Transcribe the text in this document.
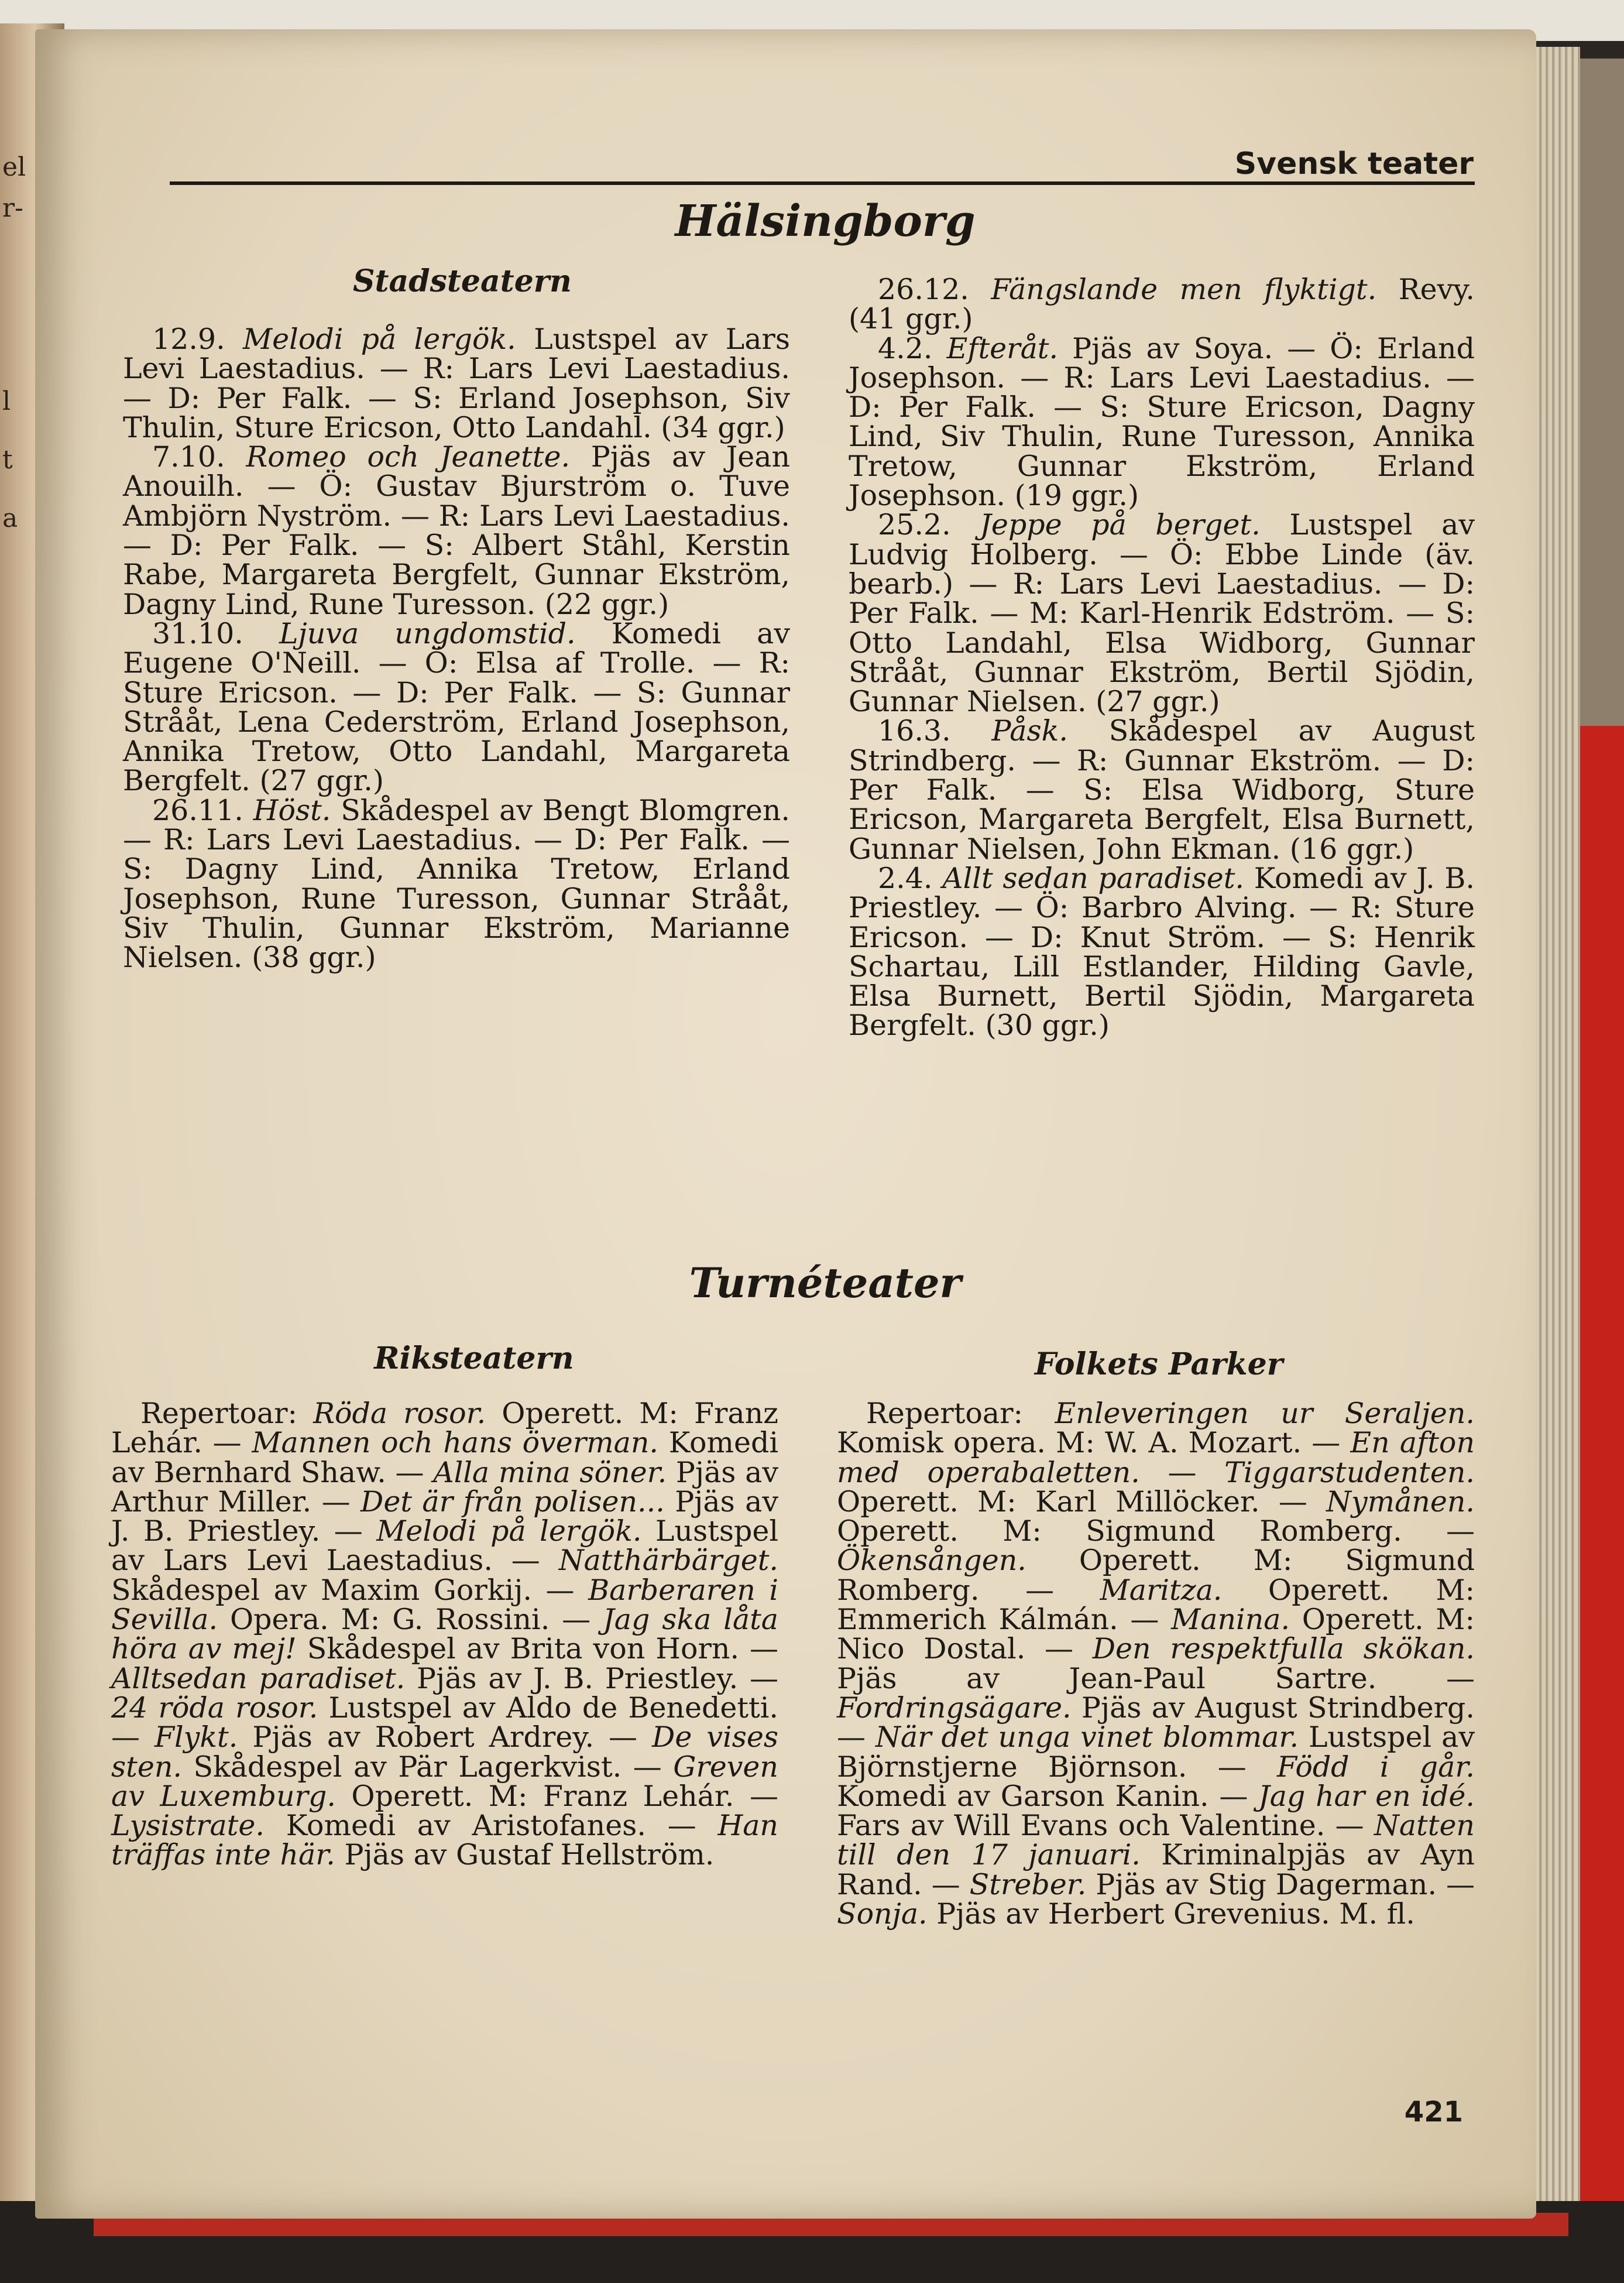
el
r-
l
t
a
Svensk teater
Hälsingborg
Stadsteatern

12.9. Melodi på lergök. Lustspel av Lars Levi Laestadius. — R: Lars Levi Laestadius. — D: Per Falk. — S: Erland Josephson, Siv Thulin, Sture Ericson, Otto Landahl. (34 ggr.)

7.10. Romeo och Jeanette. Pjäs av Jean Anouilh. — Ö: Gustav Bjurström o. Tuve Ambjörn Nyström. — R: Lars Levi Laestadius. — D: Per Falk. — S: Albert Ståhl, Kerstin Rabe, Margareta Bergfelt, Gunnar Ekström, Dagny Lind, Rune Turesson. (22 ggr.)

31.10. Ljuva ungdomstid. Komedi av Eugene O'Neill. — Ö: Elsa af Trolle. — R: Sture Ericson. — D: Per Falk. — S: Gunnar Strååt, Lena Cederström, Erland Josephson, Annika Tretow, Otto Landahl, Margareta Bergfelt. (27 ggr.)

26.11. Höst. Skådespel av Bengt Blomgren. — R: Lars Levi Laestadius. — D: Per Falk. — S: Dagny Lind, Annika Tretow, Erland Josephson, Rune Turesson, Gunnar Strååt, Siv Thulin, Gunnar Ekström, Marianne Nielsen. (38 ggr.)

26.12. Fängslande men flyktigt. Revy. (41 ggr.)

4.2. Efteråt. Pjäs av Soya. — Ö: Erland Josephson. — R: Lars Levi Laestadius. — D: Per Falk. — S: Sture Ericson, Dagny Lind, Siv Thulin, Rune Turesson, Annika Tretow, Gunnar Ekström, Erland Josephson. (19 ggr.)

25.2. Jeppe på berget. Lustspel av Ludvig Holberg. — Ö: Ebbe Linde (äv. bearb.) — R: Lars Levi Laestadius. — D: Per Falk. — M: Karl-Henrik Edström. — S: Otto Landahl, Elsa Widborg, Gunnar Strååt, Gunnar Ekström, Bertil Sjödin, Gunnar Nielsen. (27 ggr.)

16.3. Påsk. Skådespel av August Strindberg. — R: Gunnar Ekström. — D: Per Falk. — S: Elsa Widborg, Sture Ericson, Margareta Bergfelt, Elsa Burnett, Gunnar Nielsen, John Ekman. (16 ggr.)

2.4. Allt sedan paradiset. Komedi av J. B. Priestley. — Ö: Barbro Alving. — R: Sture Ericson. — D: Knut Ström. — S: Henrik Schartau, Lill Estlander, Hilding Gavle, Elsa Burnett, Bertil Sjödin, Margareta Bergfelt. (30 ggr.)

Turnéteater
Riksteatern	Folkets Parker

Repertoar: Röda rosor. Operett. M: Franz Lehár. — Mannen och hans överman. Komedi av Bernhard Shaw. — Alla mina söner. Pjäs av Arthur Miller. — Det är från polisen... Pjäs av J. B. Priestley. — Melodi på lergök. Lustspel av Lars Levi Laestadius. — Natthärbärget. Skådespel av Maxim Gorkij. — Barberaren i Sevilla. Opera. M: G. Rossini. — Jag ska låta höra av mej! Skådespel av Brita von Horn. — Alltsedan paradiset. Pjäs av J. B. Priestley. — 24 röda rosor. Lustspel av Aldo de Benedetti. — Flykt. Pjäs av Robert Ardrey. — De vises sten. Skådespel av Pär Lagerkvist. — Greven av Luxemburg. Operett. M: Franz Lehár. — Lysistrate. Komedi av Aristofanes. — Han träffas inte här. Pjäs av Gustaf Hellström.

Repertoar: Enleveringen ur Seraljen. Komisk opera. M: W. A. Mozart. — En afton med operabaletten. — Tiggarstudenten. Operett. M: Karl Millöcker. — Nymånen. Operett. M: Sigmund Romberg. — Ökensången. Operett. M: Sigmund Romberg. — Maritza. Operett. M: Emmerich Kálmán. — Manina. Operett. M: Nico Dostal. — Den respektfulla skökan. Pjäs av Jean-Paul Sartre. — Fordringsägare. Pjäs av August Strindberg. — När det unga vinet blommar. Lustspel av Björnstjerne Björnson. — Född i går. Komedi av Garson Kanin. — Jag har en idé. Fars av Will Evans och Valentine. — Natten till den 17 januari. Kriminalpjäs av Ayn Rand. — Streber. Pjäs av Stig Dagerman. — Sonja. Pjäs av Herbert Grevenius. M. fl.

421
